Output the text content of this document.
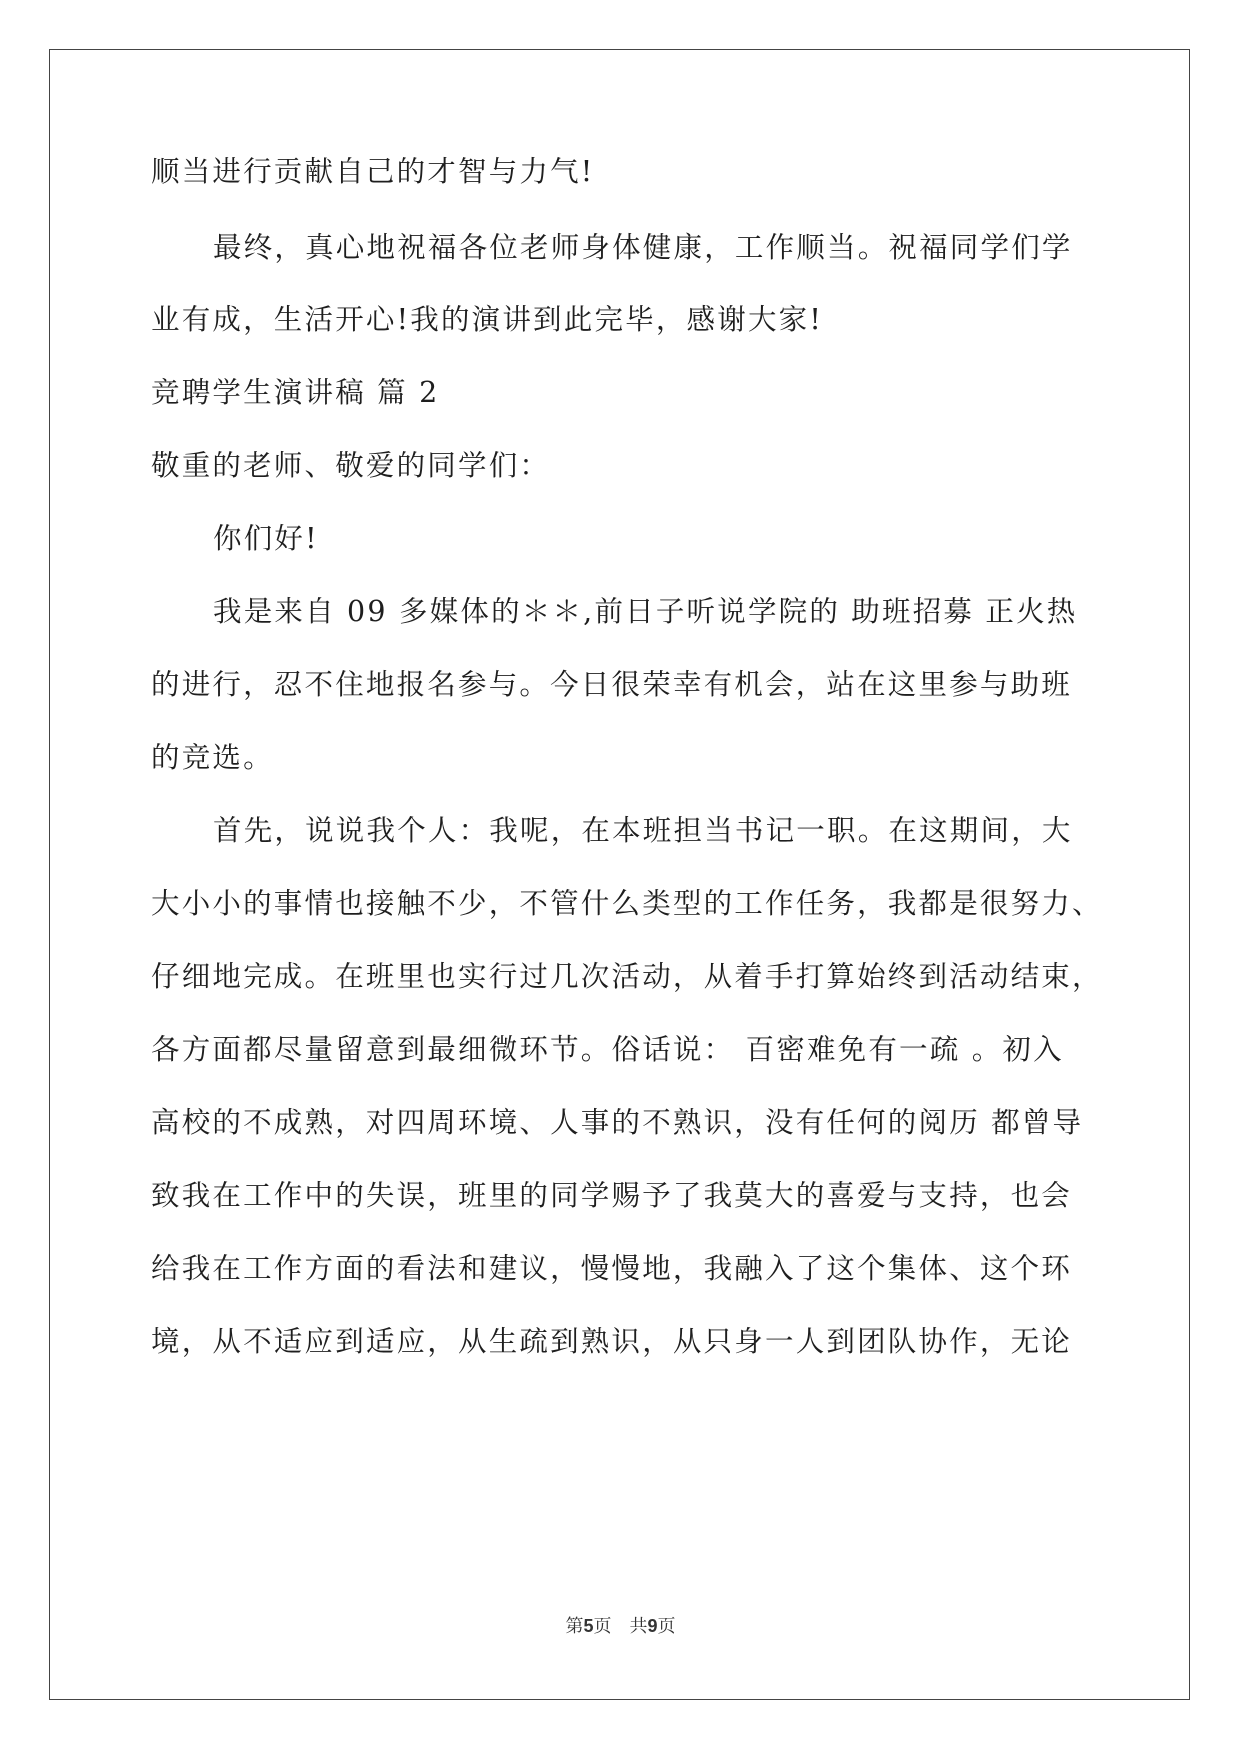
顺当进行贡献自己的才智与力气!
最终，真心地祝福各位老师身体健康，工作顺当。祝福同学们学
业有成，生活开心!我的演讲到此完毕，感谢大家!
竞聘学生演讲稿 篇 2
敬重的老师、敬爱的同学们：
你们好!
我是来自 09 多媒体的＊＊,前日子听说学院的 助班招募 正火热
的进行，忍不住地报名参与。今日很荣幸有机会，站在这里参与助班
的竞选。
首先，说说我个人：我呢，在本班担当书记一职。在这期间，大
大小小的事情也接触不少，不管什么类型的工作任务，我都是很努力、
仔细地完成。在班里也实行过几次活动，从着手打算始终到活动结束，
各方面都尽量留意到最细微环节。俗话说： 百密难免有一疏 。初入
高校的不成熟，对四周环境、人事的不熟识，没有任何的阅历 都曾导
致我在工作中的失误，班里的同学赐予了我莫大的喜爱与支持，也会
给我在工作方面的看法和建议，慢慢地，我融入了这个集体、这个环
境，从不适应到适应，从生疏到熟识，从只身一人到团队协作，无论
第5页　共9页
